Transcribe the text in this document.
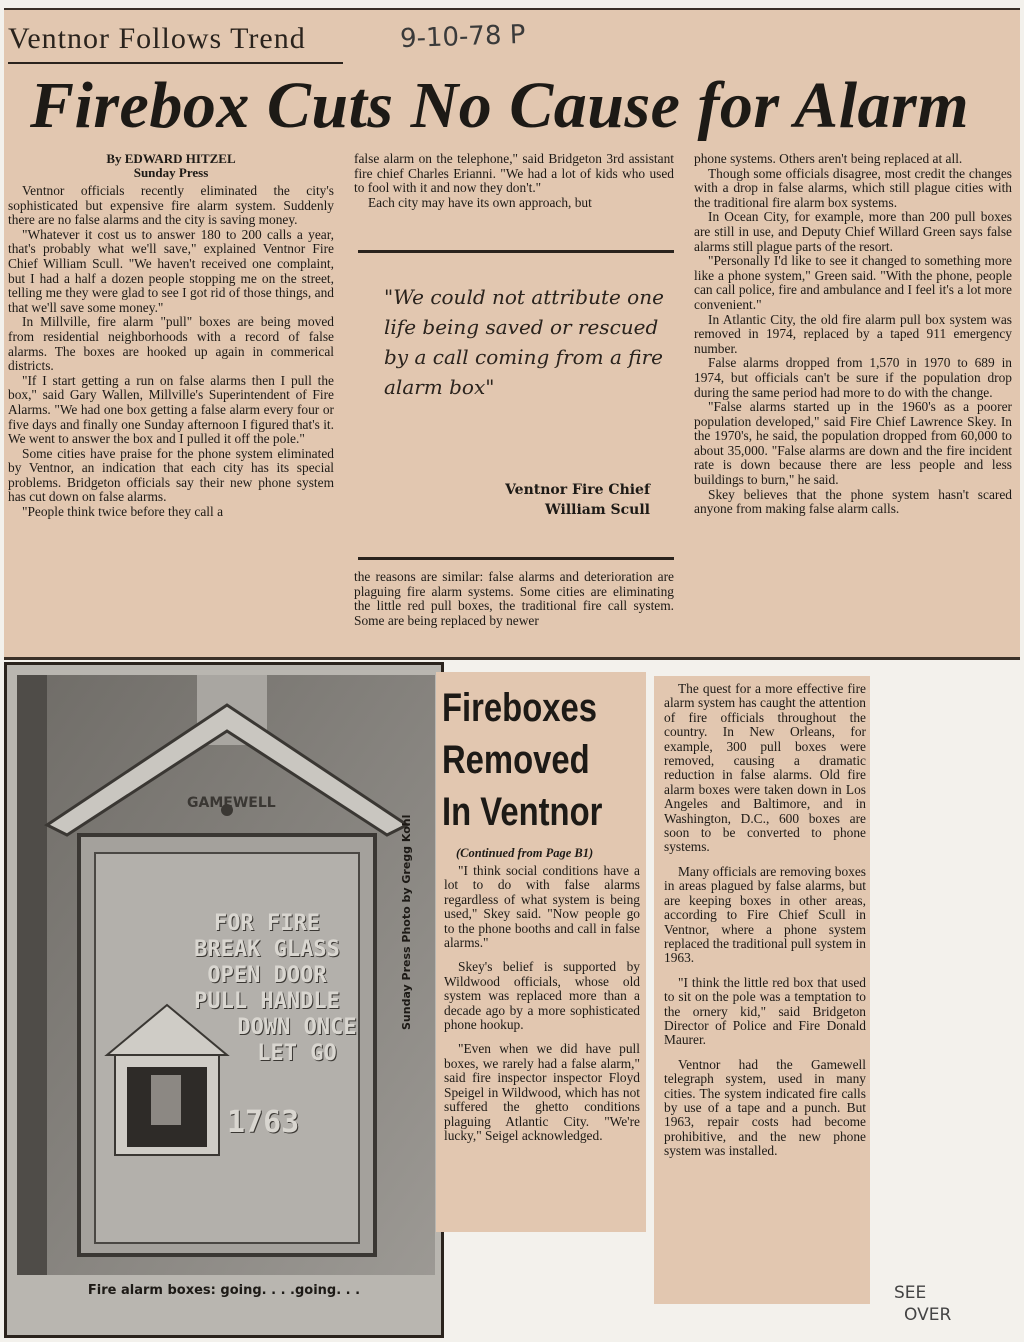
Ventnor Follows Trend	9-10-78 P
Firebox Cuts No Cause for Alarm
By EDWARD HITZEL
Sunday Press

Ventnor officials recently eliminated the city's sophisticated but expensive fire alarm system. Suddenly there are no false alarms and the city is saving money.

"Whatever it cost us to answer 180 to 200 calls a year, that's probably what we'll save," explained Ventnor Fire Chief William Scull. "We haven't received one complaint, but I had a half a dozen people stopping me on the street, telling me they were glad to see I got rid of those things, and that we'll save some money."

In Millville, fire alarm "pull" boxes are being moved from residential neighborhoods with a record of false alarms. The boxes are hooked up again in commerical districts.

"If I start getting a run on false alarms then I pull the box," said Gary Wallen, Millville's Superintendent of Fire Alarms. "We had one box getting a false alarm every four or five days and finally one Sunday afternoon I figured that's it. We went to answer the box and I pulled it off the pole."

Some cities have praise for the phone system eliminated by Ventnor, an indication that each city has its special problems. Bridgeton officials say their new phone system has cut down on false alarms.

"People think twice before they call a

false alarm on the telephone," said Bridgeton 3rd assistant fire chief Charles Erianni. "We had a lot of kids who used to fool with it and now they don't."

Each city may have its own approach, but

"We could not attribute one life being saved or rescued by a call coming from a fire alarm box"
Ventnor Fire Chief
William Scull

the reasons are similar: false alarms and deterioration are plaguing fire alarm systems. Some cities are eliminating the little red pull boxes, the traditional fire call system. Some are being replaced by newer

phone systems. Others aren't being replaced at all.

Though some officials disagree, most credit the changes with a drop in false alarms, which still plague cities with the traditional fire alarm box systems.

In Ocean City, for example, more than 200 pull boxes are still in use, and Deputy Chief Willard Green says false alarms still plague parts of the resort.

"Personally I'd like to see it changed to something more like a phone system," Green said. "With the phone, people can call police, fire and ambulance and I feel it's a lot more convenient."

In Atlantic City, the old fire alarm pull box system was removed in 1974, replaced by a taped 911 emergency number.

False alarms dropped from 1,570 in 1970 to 689 in 1974, but officials can't be sure if the population drop during the same period had more to do with the change.

"False alarms started up in the 1960's as a poorer population developed," said Fire Chief Lawrence Skey. In the 1970's, he said, the population dropped from 60,000 to about 35,000. "False alarms are down and the fire incident rate is down because there are less people and less buildings to burn," he said.

Skey believes that the phone system hasn't scared anyone from making false alarm calls.

GAMEWELL
FOR FIRE
BREAK GLASS
OPEN DOOR
PULL HANDLE
DOWN ONCE
LET GO
1763
Fire alarm boxes: going. . . .going. . .
Sunday Press Photo by Gregg Kohl
Fireboxes
Removed
In Ventnor
(Continued from Page B1)

"I think social conditions have a lot to do with false alarms regardless of what system is being used," Skey said. "Now people go to the phone booths and call in false alarms."

Skey's belief is supported by Wildwood officials, whose old system was replaced more than a decade ago by a more sophisticated phone hookup.

"Even when we did have pull boxes, we rarely had a false alarm," said fire inspector inspector Floyd Speigel in Wildwood, which has not suffered the ghetto conditions plaguing Atlantic City. "We're lucky," Seigel acknowledged.

The quest for a more effective fire alarm system has caught the attention of fire officials throughout the country. In New Orleans, for example, 300 pull boxes were removed, causing a dramatic reduction in false alarms. Old fire alarm boxes were taken down in Los Angeles and Baltimore, and in Washington, D.C., 600 boxes are soon to be converted to phone systems.

Many officials are removing boxes in areas plagued by false alarms, but are keeping boxes in other areas, according to Fire Chief Scull in Ventnor, where a phone system replaced the traditional pull system in 1963.

"I think the little red box that used to sit on the pole was a temptation to the ornery kid," said Bridgeton Director of Police and Fire Donald Maurer.

Ventnor had the Gamewell telegraph system, used in many cities. The system indicated fire calls by use of a tape and a punch. But 1963, repair costs had become prohibitive, and the new phone system was installed.

SEE
OVER
